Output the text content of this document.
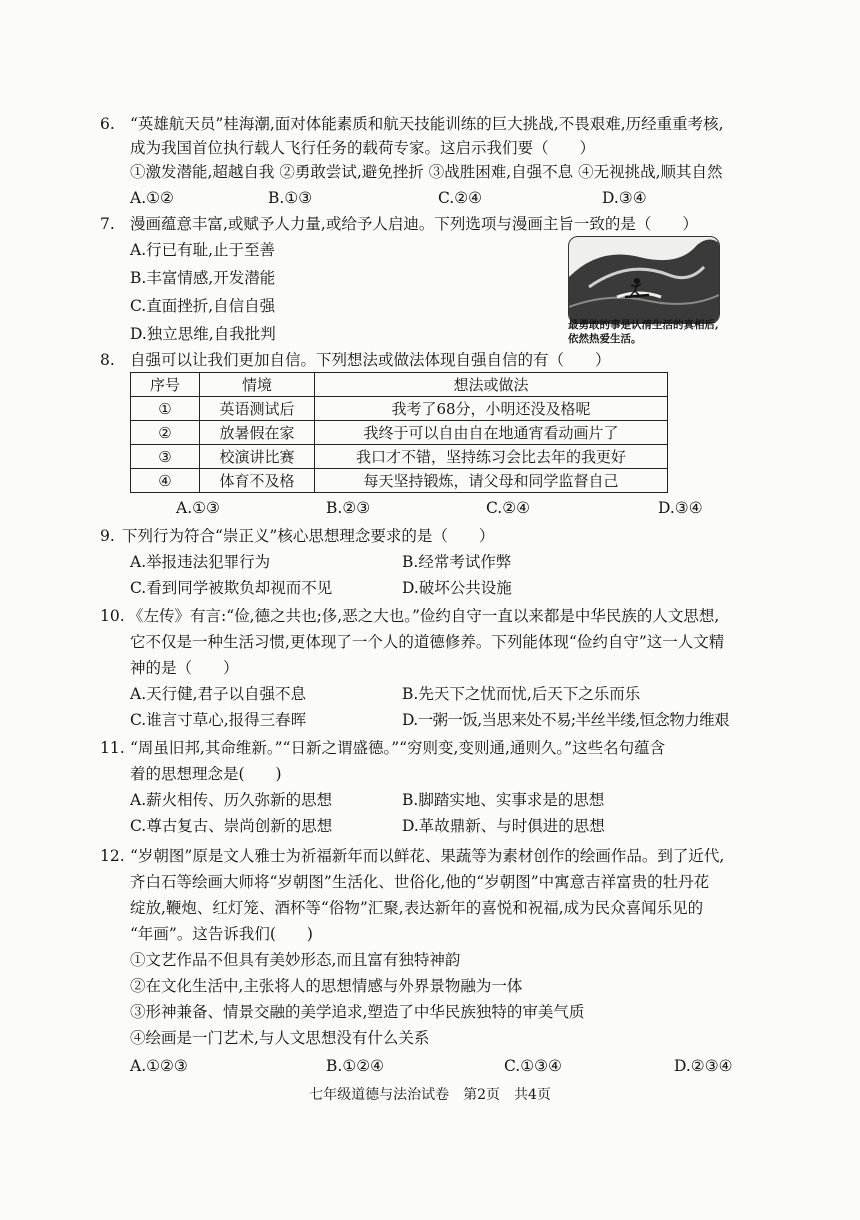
6. “英雄航天员”桂海潮,面对体能素质和航天技能训练的巨大挑战,不畏艰难,历经重重考核,
成为我国首位执行载人飞行任务的载荷专家。这启示我们要（　　）
①激发潜能,超越自我 ②勇敢尝试,避免挫折 ③战胜困难,自强不息 ④无视挑战,顺其自然
A.①②	B.①③	C.②④	D.③④
7. 漫画蕴意丰富,或赋予人力量,或给予人启迪。下列选项与漫画主旨一致的是（　　）
A.行已有耻,止于至善
B.丰富情感,开发潜能
C.直面挫折,自信自强
D.独立思维,自我批判	最勇敢的事是认清生活的真相后,依然热爱生活。
8. 自强可以让我们更加自信。下列想法或做法体现自强自信的有（　　）
序号	情境	想法或做法
①	英语测试后	我考了68分，小明还没及格呢
②	放暑假在家	我终于可以自由自在地通宵看动画片了
③	校演讲比赛	我口才不错，坚持练习会比去年的我更好
④	体育不及格	每天坚持锻炼，请父母和同学监督自己
A.①③	B.②③	C.②④	D.③④
9. 下列行为符合“崇正义”核心思想理念要求的是（　　）
A.举报违法犯罪行为	B.经常考试作弊
C.看到同学被欺负却视而不见	D.破坏公共设施
10. 《左传》有言:“俭,德之共也;侈,恶之大也。”俭约自守一直以来都是中华民族的人文思想,
它不仅是一种生活习惯,更体现了一个人的道德修养。下列能体现“俭约自守”这一人文精
神的是（　　）
A.天行健,君子以自强不息	B.先天下之忧而忧,后天下之乐而乐
C.谁言寸草心,报得三春晖	D.一粥一饭,当思来处不易;半丝半缕,恒念物力维艰
11. “周虽旧邦,其命维新。”“日新之谓盛德。”“穷则变,变则通,通则久。”这些名句蕴含
着的思想理念是(　　)
A.薪火相传、历久弥新的思想	B.脚踏实地、实事求是的思想
C.尊古复古、崇尚创新的思想	D.革故鼎新、与时俱进的思想
12. “岁朝图”原是文人雅士为祈福新年而以鲜花、果蔬等为素材创作的绘画作品。到了近代,
齐白石等绘画大师将“岁朝图”生活化、世俗化,他的“岁朝图”中寓意吉祥富贵的牡丹花
绽放,鞭炮、红灯笼、酒杯等“俗物”汇聚,表达新年的喜悦和祝福,成为民众喜闻乐见的
“年画”。这告诉我们(　　)
①文艺作品不但具有美妙形态,而且富有独特神韵
②在文化生活中,主张将人的思想情感与外界景物融为一体
③形神兼备、情景交融的美学追求,塑造了中华民族独特的审美气质
④绘画是一门艺术,与人文思想没有什么关系
A.①②③	B.①②④	C.①③④	D.②③④
七年级道德与法治试卷　第2页　共4页
